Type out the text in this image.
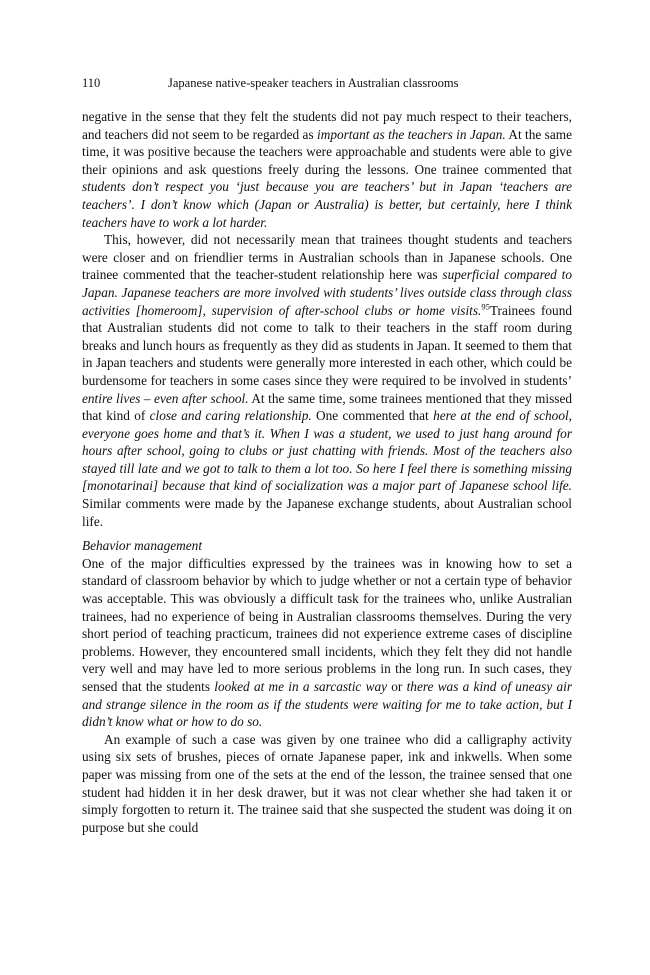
110	Japanese native-speaker teachers in Australian classrooms

negative in the sense that they felt the students did not pay much respect to their teachers, and teachers did not seem to be regarded as important as the teachers in Japan. At the same time, it was positive because the teachers were approachable and students were able to give their opinions and ask questions freely during the lessons. One trainee commented that students don’t respect you ‘just because you are teachers’ but in Japan ‘teachers are teachers’. I don’t know which (Japan or Australia) is better, but certainly, here I think teachers have to work a lot harder.

This, however, did not necessarily mean that trainees thought students and teachers were closer and on friendlier terms in Australian schools than in Japanese schools. One trainee commented that the teacher-student relationship here was superficial compared to Japan. Japanese teachers are more involved with students’ lives outside class through class activities [homeroom], supervision of after-school clubs or home visits.$^{95}$Trainees found that Australian students did not come to talk to their teachers in the staff room during breaks and lunch hours as frequently as they did as students in Japan. It seemed to them that in Japan teachers and students were generally more interested in each other, which could be burdensome for teachers in some cases since they were required to be involved in students’ entire lives – even after school. At the same time, some trainees mentioned that they missed that kind of close and caring relationship. One commented that here at the end of school, everyone goes home and that’s it. When I was a student, we used to just hang around for hours after school, going to clubs or just chatting with friends. Most of the teachers also stayed till late and we got to talk to them a lot too. So here I feel there is something missing [monotarinai] because that kind of socialization was a major part of Japanese school life. Similar comments were made by the Japanese exchange students, about Australian school life.

Behavior management

One of the major difficulties expressed by the trainees was in knowing how to set a standard of classroom behavior by which to judge whether or not a certain type of behavior was acceptable. This was obviously a difficult task for the trainees who, unlike Australian trainees, had no experience of being in Australian classrooms themselves. During the very short period of teaching practicum, trainees did not experience extreme cases of discipline problems. However, they encountered small incidents, which they felt they did not handle very well and may have led to more serious problems in the long run. In such cases, they sensed that the students looked at me in a sarcastic way or there was a kind of uneasy air and strange silence in the room as if the students were waiting for me to take action, but I didn’t know what or how to do so.

An example of such a case was given by one trainee who did a calligraphy activity using six sets of brushes, pieces of ornate Japanese paper, ink and inkwells. When some paper was missing from one of the sets at the end of the lesson, the trainee sensed that one student had hidden it in her desk drawer, but it was not clear whether she had taken it or simply forgotten to return it. The trainee said that she suspected the student was doing it on purpose but she could
